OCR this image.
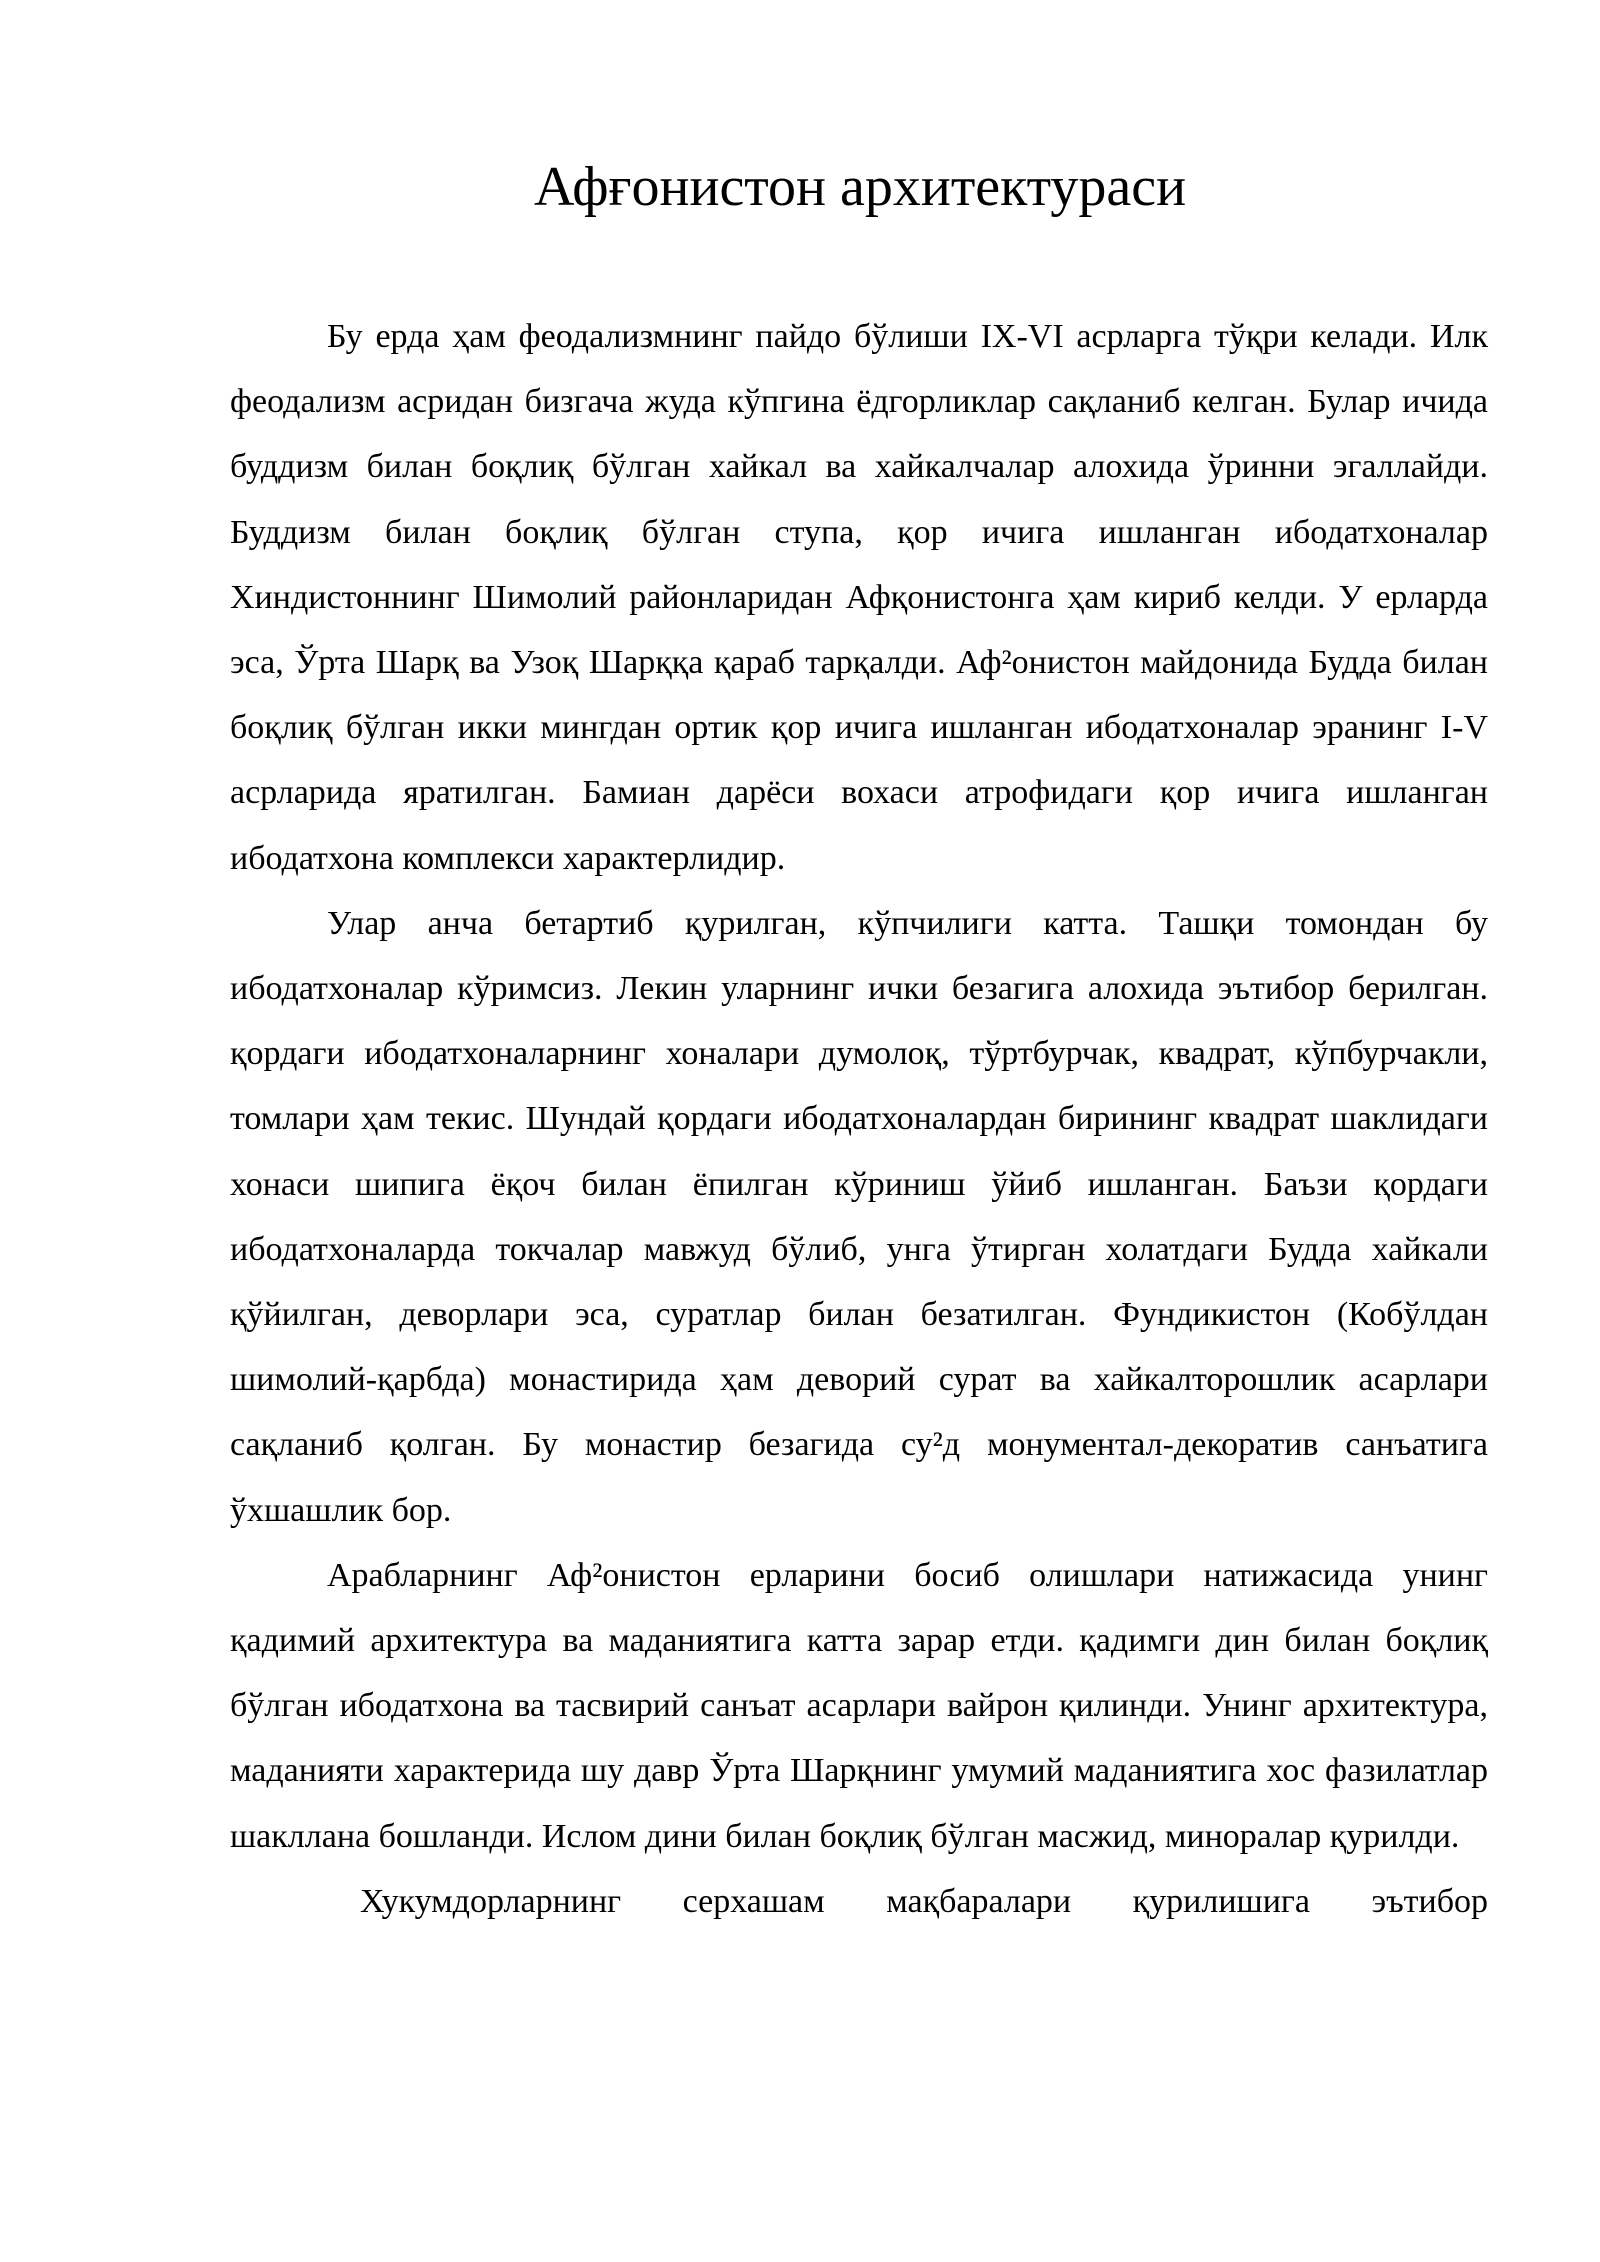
Афғонистон архитектураси

Бу ерда ҳам феодализмнинг пайдо бўлиши IX-VI асрларга тўқри келади. Илк феодализм асридан бизгача жуда кўпгина ёдгорликлар сақланиб келган. Булар ичида буддизм билан боқлиқ бўлган хайкал ва хайкалчалар алохида ўринни эгаллайди. Буддизм билан боқлиқ бўлган ступа, қор ичига ишланган ибодатхоналар Хиндистоннинг Шимолий районларидан Афқонистонга ҳам кириб келди. У ерларда эса, Ўрта Шарқ ва Узоқ Шарққа қараб тарқалди. Аф²онистон майдонида Будда билан боқлиқ бўлган икки мингдан ортик қор ичига ишланган ибодатхоналар эранинг I-V асрларида яратилган. Бамиан дарёси вохаси атрофидаги қор ичига ишланган ибодатхона комплекси характерлидир.

Улар анча бетартиб қурилган, кўпчилиги катта. Ташқи томондан бу ибодатхоналар кўримсиз. Лекин уларнинг ички безагига алохида эътибор берилган. қордаги ибодатхоналарнинг хоналари думолоқ, тўртбурчак, квадрат, кўпбурчакли, томлари ҳам текис. Шундай қордаги ибодатхоналардан бирининг квадрат шаклидаги хонаси шипига ёқоч билан ёпилган кўриниш ўйиб ишланган. Баъзи қордаги ибодатхоналарда токчалар мавжуд бўлиб, унга ўтирган холатдаги Будда хайкали қўйилган, деворлари эса, суратлар билан безатилган. Фундикистон (Кобўлдан шимолий-қарбда) монастирида ҳам деворий сурат ва хайкалторошлик асарлари сақланиб қолган. Бу монастир безагида су²д монументал-декоратив санъатига ўхшашлик бор.

Арабларнинг Аф²онистон ерларини босиб олишлари натижасида унинг қадимий архитектура ва маданиятига катта зарар етди. қадимги дин билан боқлиқ бўлган ибодатхона ва тасвирий санъат асарлари вайрон қилинди. Унинг архитектура, маданияти характерида шу давр Ўрта Шарқнинг умумий маданиятига хос фазилатлар шакллана бошланди. Ислом дини билан боқлиқ бўлган масжид, миноралар қурилди.

Хукумдорларнинг серхашам мақбаралари қурилишига эътибор
